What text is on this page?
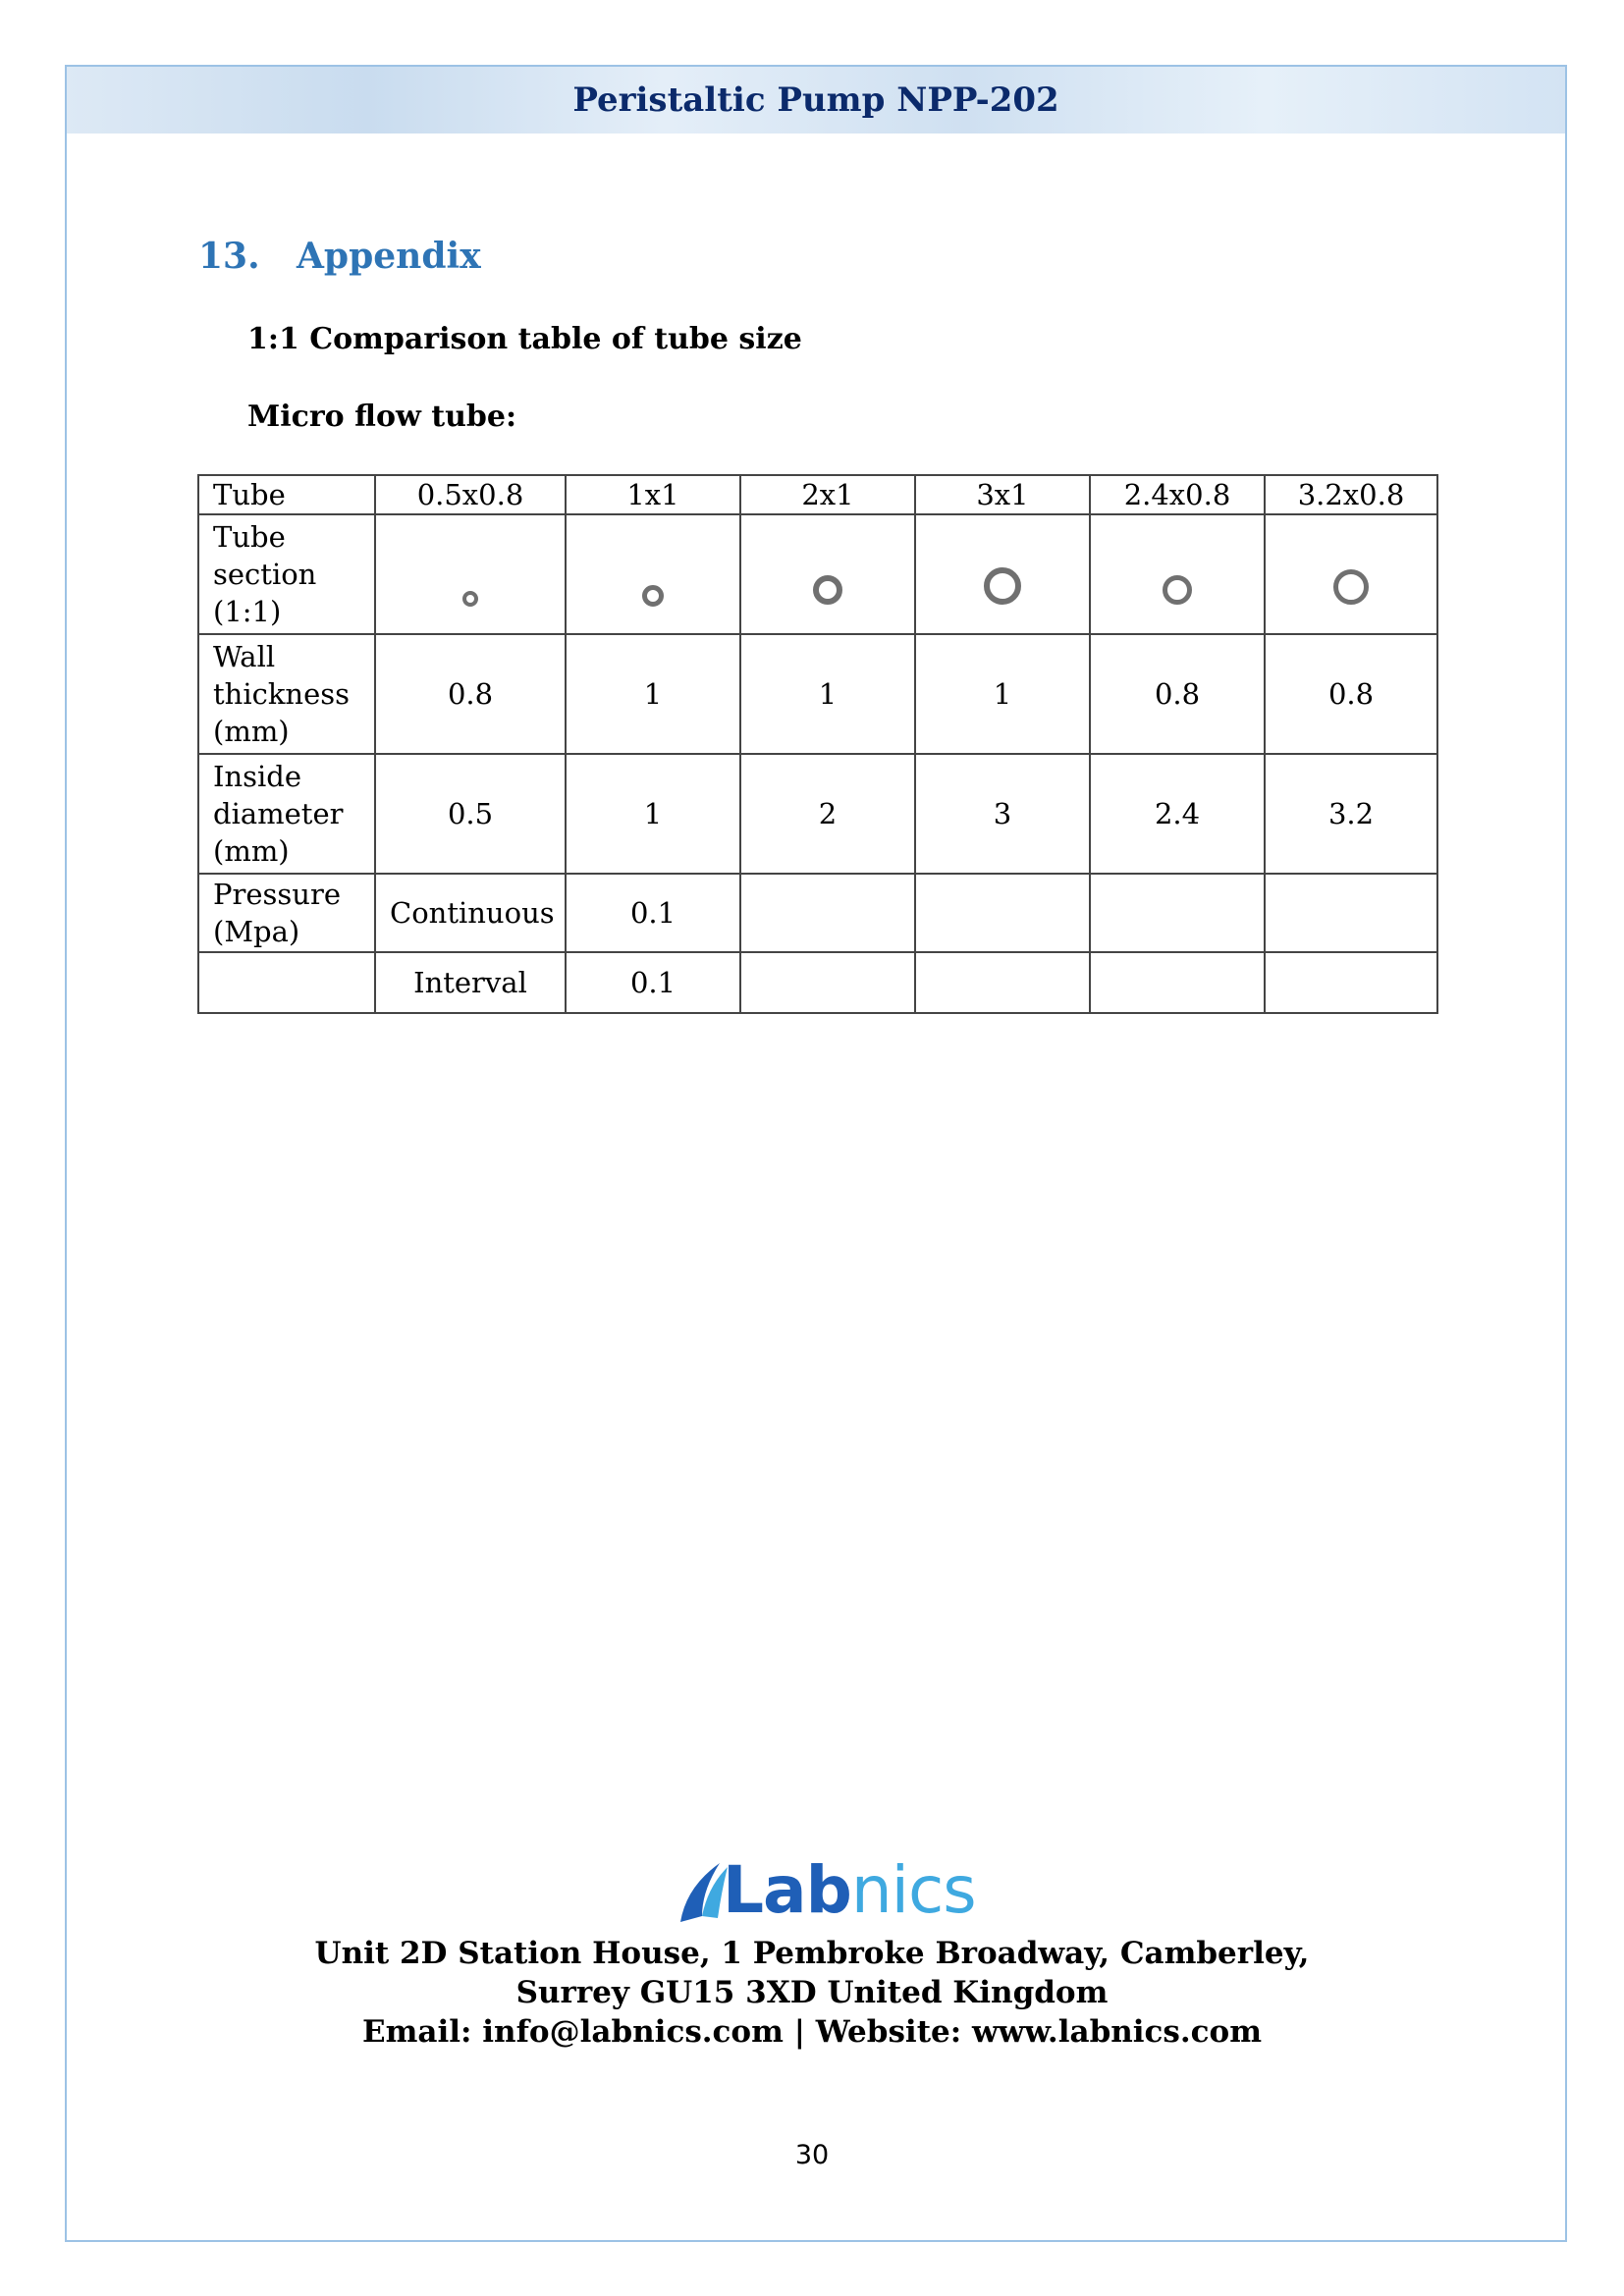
Peristaltic Pump NPP-202
13. Appendix
1:1 Comparison table of tube size
Micro flow tube:
Tube	0.5x0.8	1x1	2x1	3x1	2.4x0.8	3.2x0.8
Tube section (1:1)						
Wall thickness (mm)	0.8	1	1	1	0.8	0.8
Inside diameter (mm)	0.5	1	2	3	2.4	3.2
Pressure (Mpa)	Continuous	0.1				
	Interval	0.1				
Labnics
Unit 2D Station House, 1 Pembroke Broadway, Camberley,
Surrey GU15 3XD United Kingdom
Email: info@labnics.com | Website: www.labnics.com
30
